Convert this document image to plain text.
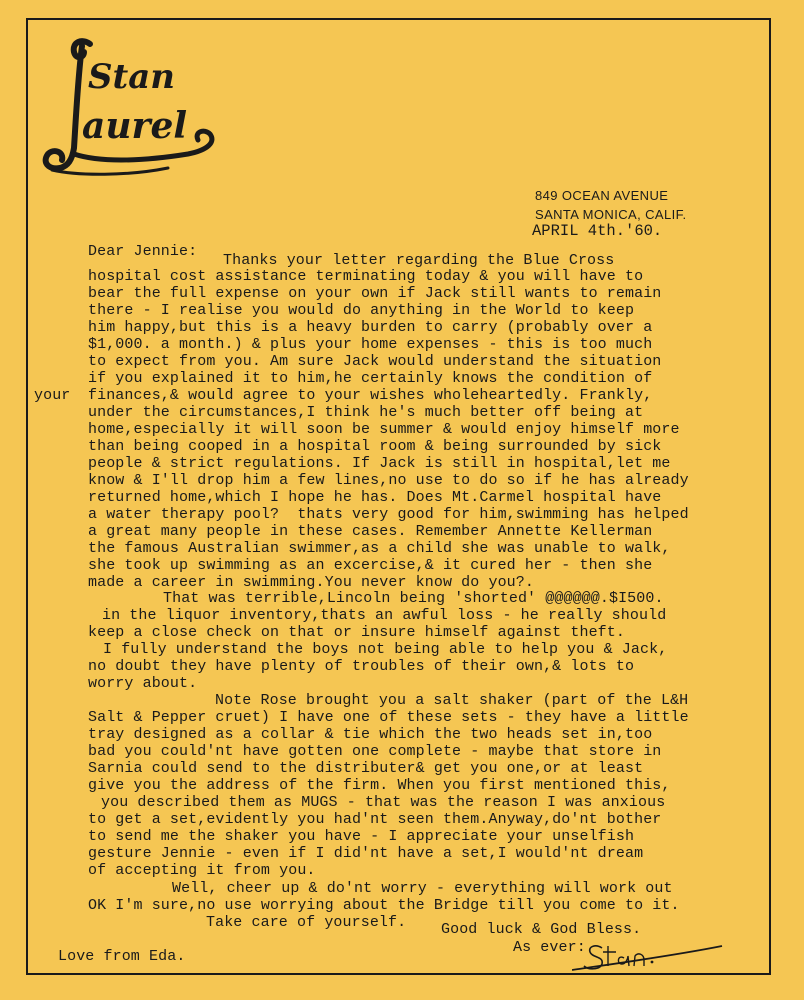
Stan
aurel
849 OCEAN AVENUE
SANTA MONICA, CALIF.
APRIL 4th.'60.
Dear Jennie:
your
Thanks your letter regarding the Blue Cross
hospital cost assistance terminating today & you will have to
bear the full expense on your own if Jack still wants to remain
there - I realise you would do anything in the World to keep
him happy,but this is a heavy burden to carry (probably over a
$1,000. a month.) & plus your home expenses - this is too much
to expect from you. Am sure Jack would understand the situation
if you explained it to him,he certainly knows the condition of
finances,& would agree to your wishes wholeheartedly. Frankly,
under the circumstances,I think he's much better off being at
home,especially it will soon be summer & would enjoy himself more
than being cooped in a hospital room & being surrounded by sick
people & strict regulations. If Jack is still in hospital,let me
know & I'll drop him a few lines,no use to do so if he has already
returned home,which I hope he has. Does Mt.Carmel hospital have
a water therapy pool?  thats very good for him,swimming has helped
a great many people in these cases. Remember Annette Kellerman
the famous Australian swimmer,as a child she was unable to walk,
she took up swimming as an excercise,& it cured her - then she
made a career in swimming.You never know do you?.
That was terrible,Lincoln being 'shorted' @@@@@@.$I500.
in the liquor inventory,thats an awful loss - he really should
keep a close check on that or insure himself against theft.
I fully understand the boys not being able to help you & Jack,
no doubt they have plenty of troubles of their own,& lots to
worry about.
Note Rose brought you a salt shaker (part of the L&H
Salt & Pepper cruet) I have one of these sets - they have a little
tray designed as a collar & tie which the two heads set in,too
bad you could'nt have gotten one complete - maybe that store in
Sarnia could send to the distributer& get you one,or at least
give you the address of the firm. When you first mentioned this,
you described them as MUGS - that was the reason I was anxious
to get a set,evidently you had'nt seen them.Anyway,do'nt bother
to send me the shaker you have - I appreciate your unselfish
gesture Jennie - even if I did'nt have a set,I would'nt dream
of accepting it from you.
Well, cheer up & do'nt worry - everything will work out
OK I'm sure,no use worrying about the Bridge till you come to it.
Take care of yourself. Good luck & God Bless.
As ever:
Love from Eda.
